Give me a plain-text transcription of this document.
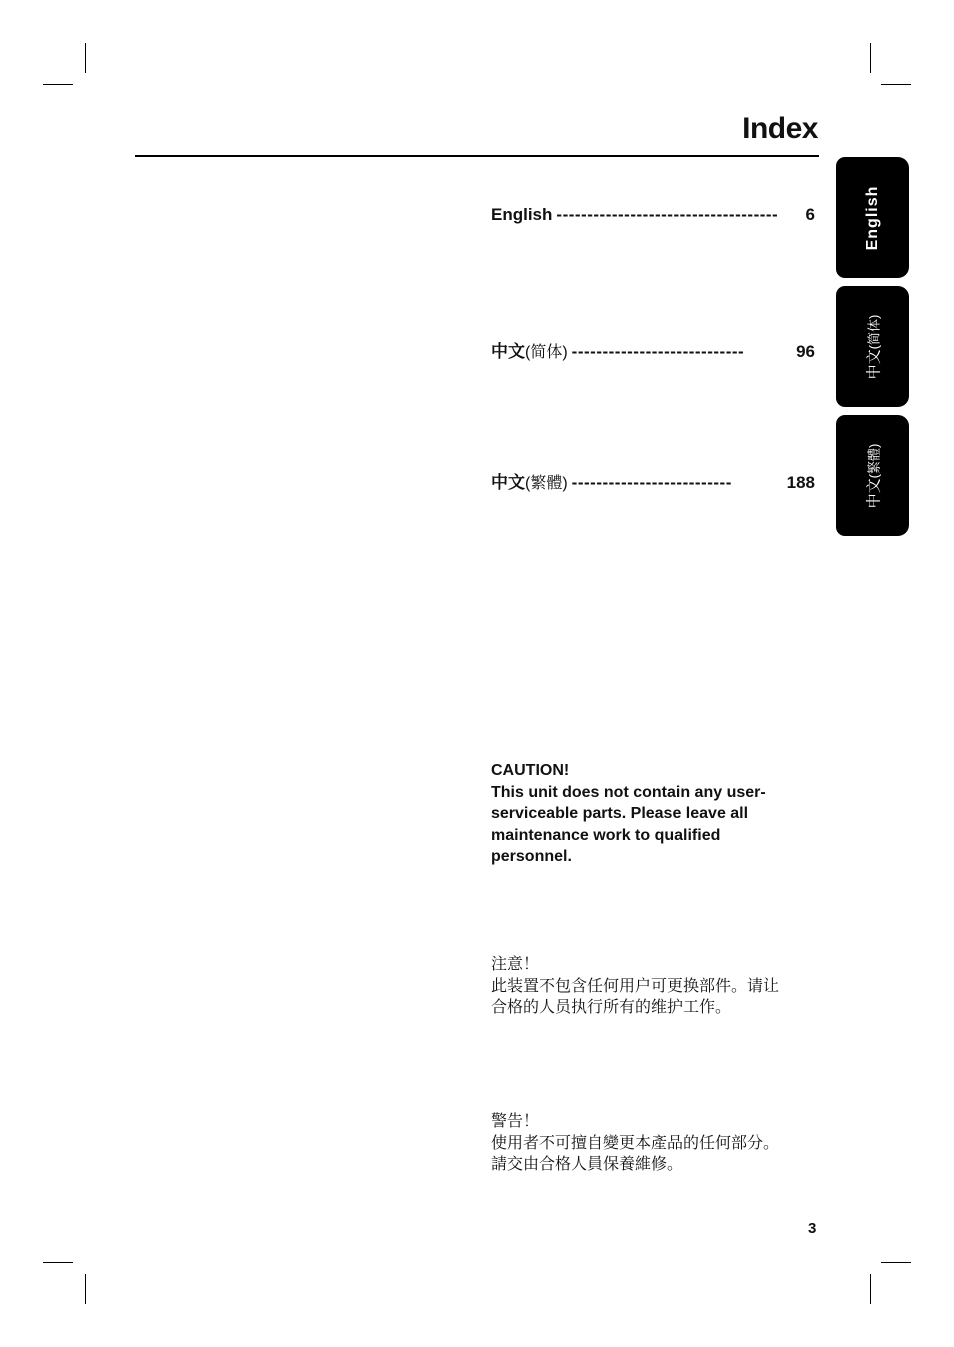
Index
English ------------------------------------	6
中文(简体) ----------------------------	96
中文(繁體) --------------------------	188
English
中文(简体)
中文(繁體)
CAUTION!
This unit does not contain any user-
serviceable parts. Please leave all
maintenance work to qualified
personnel.
注意！
此装置不包含任何用户可更换部件。请让
合格的人员执行所有的维护工作。
警告！
使用者不可擅自變更本產品的任何部分。
請交由合格人員保養維修。
3
